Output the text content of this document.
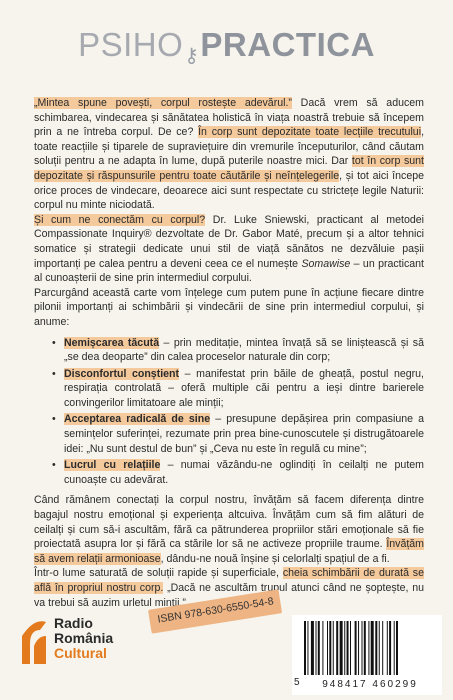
PSIHO⚷PRACTICA

„Mintea spune povești, corpul rostește adevărul.” Dacă vrem să aducem schimbarea, vindecarea și sănătatea holistică în viața noastră trebuie să începem prin a ne întreba corpul. De ce? În corp sunt depozitate toate lecțiile trecutului, toate reacțiile și tiparele de supraviețuire din vremurile începuturilor, când căutam soluții pentru a ne adapta în lume, după puterile noastre mici. Dar tot în corp sunt depozitate și răspunsurile pentru toate căutările și neînțelegerile, și tot aici începe orice proces de vindecare, deoarece aici sunt respectate cu strictețe legile Naturii: corpul nu minte niciodată.

Și cum ne conectăm cu corpul? Dr. Luke Sniewski, practicant al metodei Compassionate Inquiry® dezvoltate de Dr. Gabor Maté, precum și a altor tehnici somatice și strategii dedicate unui stil de viață sănătos ne dezvăluie pașii importanți pe calea pentru a deveni ceea ce el numește Somawise – un practicant al cunoașterii de sine prin intermediul corpului.

Parcurgând această carte vom înțelege cum putem pune în acțiune fiecare dintre pilonii importanți ai schimbării și vindecării de sine prin intermediul corpului, și anume:

• Nemișcarea tăcută – prin meditație, mintea învață să se liniștească și să „se dea deoparte” din calea proceselor naturale din corp;
• Disconfortul conștient – manifestat prin băile de gheață, postul negru, respirația controlată – oferă multiple căi pentru a ieși dintre barierele convingerilor limitatoare ale minții;
• Acceptarea radicală de sine – presupune depășirea prin compasiune a semințelor suferinței, rezumate prin prea bine-cunoscutele și distrugătoarele idei: „Nu sunt destul de bun” și „Ceva nu este în regulă cu mine”;
• Lucrul cu relațiile – numai văzându-ne oglindiți în ceilalți ne putem cunoaște cu adevărat.

Când rămânem conectați la corpul nostru, învățăm să facem diferența dintre bagajul nostru emoțional și experiența altcuiva. Învățăm cum să fim alături de ceilalți și cum să-i ascultăm, fără ca pătrunderea propriilor stări emoționale să fie proiectată asupra lor și fără ca stările lor să ne activeze propriile traume. Învățăm să avem relații armonioase, dându-ne nouă înșine și celorlalți spațiul de a fi.

Într-o lume saturată de soluții rapide și superficiale, cheia schimbării de durată se află în propriul nostru corp. „Dacă ne ascultăm trupul atunci când ne șoptește, nu va trebui să auzim urletul minții.”

Radio
România
Cultural
ISBN 978-630-6550-54-8
5	948417 460299
